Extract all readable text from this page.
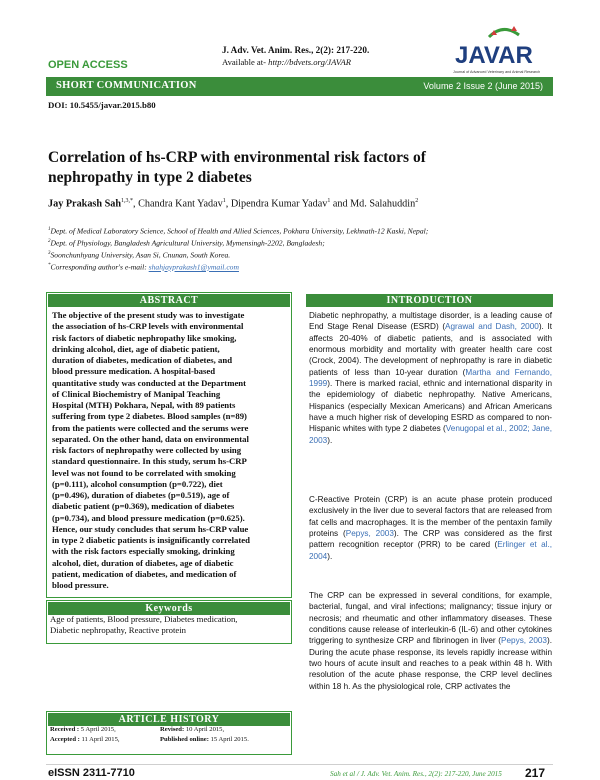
J. Adv. Vet. Anim. Res., 2(2): 217-220.
Available at- http://bdvets.org/JAVAR
OPEN ACCESS	JAVAR
Journal of Advanced Veterinary and Animal Research
SHORT COMMUNICATION	Volume 2 Issue 2 (June 2015)
DOI: 10.5455/javar.2015.b80
Correlation of hs-CRP with environmental risk factors of
nephropathy in type 2 diabetes
Jay Prakash Sah$^{1,3,*}$, Chandra Kant Yadav$^1$, Dipendra Kumar Yadav$^1$ and Md. Salahuddin$^2$
$^1$Dept. of Medical Laboratory Science, School of Health and Allied Sciences, Pokhara University, Lekhnath-12 Kaski, Nepal;
$^2$Dept. of Physiology, Bangladesh Agricultural University, Mymensingh-2202, Bangladesh;
$^3$Soonchunhyang University, Asan Si, Cnunan, South Korea.
*Corresponding author's e-mail: shahjayprakash1@ymail.com
ABSTRACT
The objective of the present study was to investigate
the association of hs-CRP levels with environmental
risk factors of diabetic nephropathy like smoking,
drinking alcohol, diet, age of diabetic patient,
duration of diabetes, medication of diabetes, and
blood pressure medication. A hospital-based
quantitative study was conducted at the Department
of Clinical Biochemistry of Manipal Teaching
Hospital (MTH) Pokhara, Nepal, with 89 patients
suffering from type 2 diabetes. Blood samples (n=89)
from the patients were collected and the serums were
separated. On the other hand, data on environmental
risk factors of nephropathy were collected by using
standard questionnaire. In this study, serum hs-CRP
level was not found to be correlated with smoking
(p=0.111), alcohol consumption (p=0.722), diet
(p=0.496), duration of diabetes (p=0.519), age of
diabetic patient (p=0.369), medication of diabetes
(p=0.734), and blood pressure medication (p=0.625).
Hence, our study concludes that serum hs-CRP value
in type 2 diabetic patients is insignificantly correlated
with the risk factors especially smoking, drinking
alcohol, diet, duration of diabetes, age of diabetic
patient, medication of diabetes, and medication of
blood pressure.
Keywords
Age of patients, Blood pressure, Diabetes medication,
Diabetic nephropathy, Reactive protein
ARTICLE HISTORY
Received : 5 April 2015,	Revised: 10 April 2015,
Accepted : 11 April 2015,	Published online: 15 April 2015.
INTRODUCTION

Diabetic nephropathy, a multistage disorder, is a leading cause of End Stage Renal Disease (ESRD) (Agrawal and Dash, 2000). It affects 20-40% of diabetic patients, and is associated with enormous morbidity and mortality with greater health care cost (Crock, 2004). The development of nephropathy is rare in diabetic patients of less than 10-year duration (Martha and Fernando, 1999). There is marked racial, ethnic and international disparity in the epidemiology of diabetic nephropathy. Native Americans, Hispanics (especially Mexican Americans) and African Americans have a much higher risk of developing ESRD as compared to non-Hispanic whites with type 2 diabetes (Venugopal et al., 2002; Jane, 2003).

C-Reactive Protein (CRP) is an acute phase protein produced exclusively in the liver due to several factors that are released from fat cells and macrophages. It is the member of the pentaxin family proteins (Pepys, 2003). The CRP was considered as the first pattern recognition receptor (PRR) to be cared (Erlinger et al., 2004).

The CRP can be expressed in several conditions, for example, bacterial, fungal, and viral infections; malignancy; tissue injury or necrosis; and rheumatic and other inflammatory diseases. These conditions cause release of interleukin-6 (IL-6) and other cytokines triggering to synthesize CRP and fibrinogen in liver (Pepys, 2003). During the acute phase response, its levels rapidly increase within two hours of acute insult and reaches to a peak within 48 h. With resolution of the acute phase response, the CRP level declines within 18 h. As the physiological role, CRP activates the

eISSN 2311-7710	Sah et al / J. Adv. Vet. Anim. Res., 2(2): 217-220, June 2015 217
